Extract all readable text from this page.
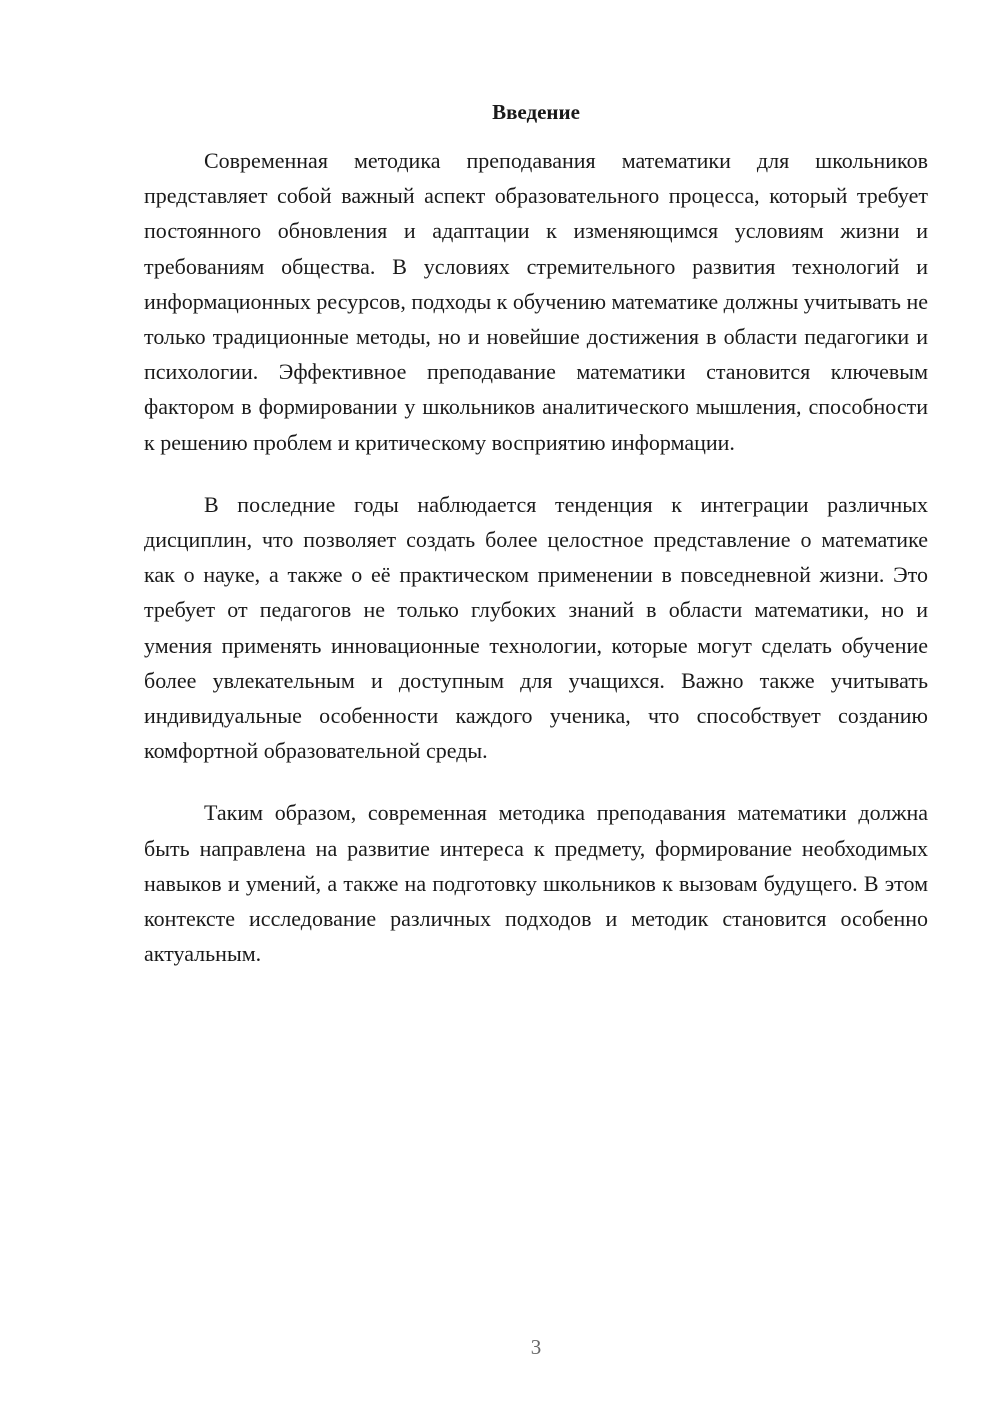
Введение

Современная методика преподавания математики для школьников представляет собой важный аспект образовательного процесса, который требует постоянного обновления и адаптации к изменяющимся условиям жизни и требованиям общества. В условиях стремительного развития технологий и информационных ресурсов, подходы к обучению математике должны учитывать не только традиционные методы, но и новейшие достижения в области педагогики и психологии. Эффективное преподавание математики становится ключевым фактором в формировании у школьников аналитического мышления, способности к решению проблем и критическому восприятию информации.

В последние годы наблюдается тенденция к интеграции различных дисциплин, что позволяет создать более целостное представление о математике как о науке, а также о её практическом применении в повседневной жизни. Это требует от педагогов не только глубоких знаний в области математики, но и умения применять инновационные технологии, которые могут сделать обучение более увлекательным и доступным для учащихся. Важно также учитывать индивидуальные особенности каждого ученика, что способствует созданию комфортной образовательной среды.

Таким образом, современная методика преподавания математики должна быть направлена на развитие интереса к предмету, формирование необходимых навыков и умений, а также на подготовку школьников к вызовам будущего. В этом контексте исследование различных подходов и методик становится особенно актуальным.

3
